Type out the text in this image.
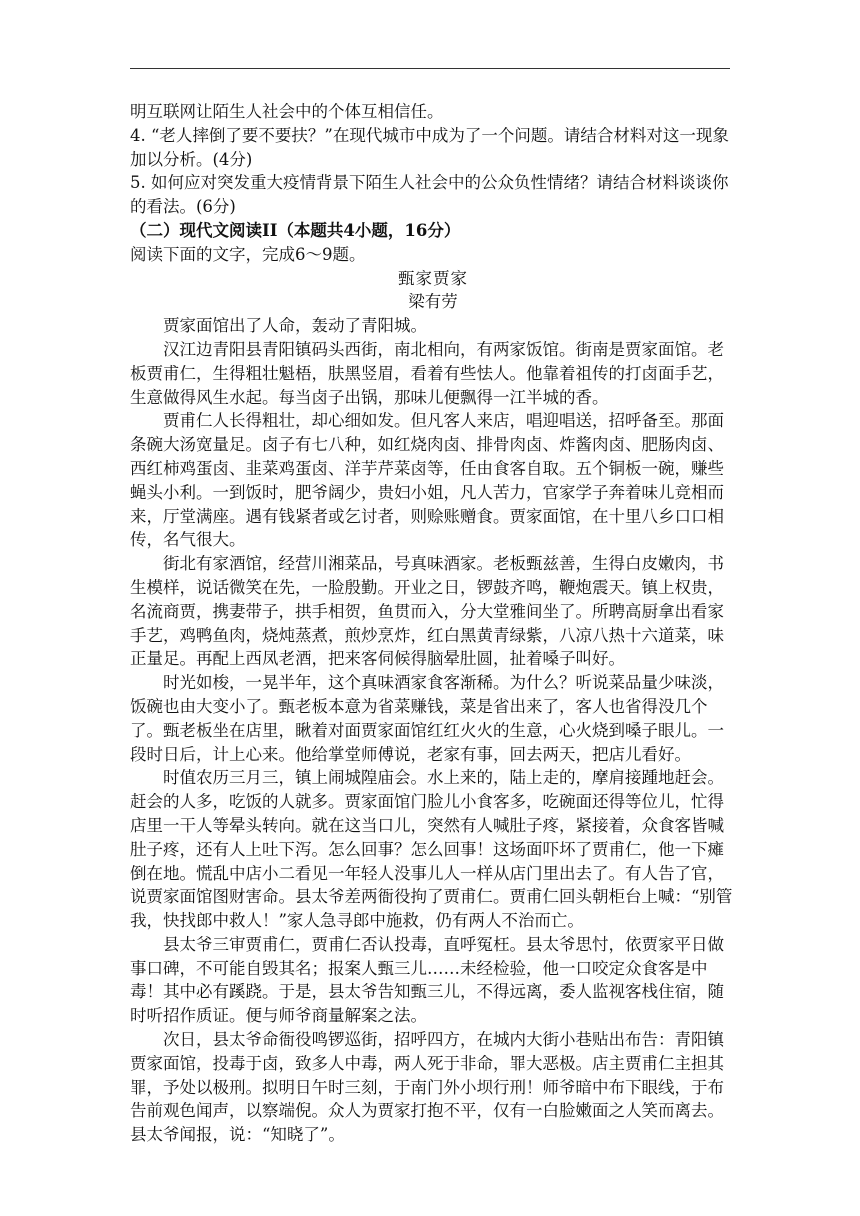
明互联网让陌生人社会中的个体互相信任。

4. “老人摔倒了要不要扶？”在现代城市中成为了一个问题。请结合材料对这一现象加以分析。(4分)

5. 如何应对突发重大疫情背景下陌生人社会中的公众负性情绪？请结合材料谈谈你的看法。(6分)

（二）现代文阅读II（本题共4小题，16分）

阅读下面的文字，完成6～9题。

甄家贾家

梁有劳

贾家面馆出了人命，轰动了青阳城。

汉江边青阳县青阳镇码头西街，南北相向，有两家饭馆。街南是贾家面馆。老板贾甫仁，生得粗壮魁梧，肤黑竖眉，看着有些怯人。他靠着祖传的打卤面手艺，生意做得风生水起。每当卤子出锅，那味儿便飘得一江半城的香。

贾甫仁人长得粗壮，却心细如发。但凡客人来店，唱迎唱送，招呼备至。那面条碗大汤宽量足。卤子有七八种，如红烧肉卤、排骨肉卤、炸酱肉卤、肥肠肉卤、西红柿鸡蛋卤、韭菜鸡蛋卤、洋芋芹菜卤等，任由食客自取。五个铜板一碗，赚些蝇头小利。一到饭时，肥爷阔少，贵妇小姐，凡人苦力，官家学子奔着味儿竞相而来，厅堂满座。遇有钱紧者或乞讨者，则赊账赠食。贾家面馆，在十里八乡口口相传，名气很大。

街北有家酒馆，经营川湘菜品，号真味酒家。老板甄兹善，生得白皮嫩肉，书生模样，说话微笑在先，一脸殷勤。开业之日，锣鼓齐鸣，鞭炮震天。镇上权贵，名流商贾，携妻带子，拱手相贺，鱼贯而入，分大堂雅间坐了。所聘高厨拿出看家手艺，鸡鸭鱼肉，烧炖蒸煮，煎炒烹炸，红白黑黄青绿紫，八凉八热十六道菜，味正量足。再配上西凤老酒，把来客伺候得脑晕肚圆，扯着嗓子叫好。

时光如梭，一晃半年，这个真味酒家食客渐稀。为什么？听说菜品量少味淡，饭碗也由大变小了。甄老板本意为省菜赚钱，菜是省出来了，客人也省得没几个了。甄老板坐在店里，瞅着对面贾家面馆红红火火的生意，心火烧到嗓子眼儿。一段时日后，计上心来。他给掌堂师傅说，老家有事，回去两天，把店儿看好。

时值农历三月三，镇上闹城隍庙会。水上来的，陆上走的，摩肩接踵地赶会。赶会的人多，吃饭的人就多。贾家面馆门脸儿小食客多，吃碗面还得等位儿，忙得店里一干人等晕头转向。就在这当口儿，突然有人喊肚子疼，紧接着，众食客皆喊肚子疼，还有人上吐下泻。怎么回事？怎么回事！这场面吓坏了贾甫仁，他一下瘫倒在地。慌乱中店小二看见一年轻人没事儿人一样从店门里出去了。有人告了官，说贾家面馆图财害命。县太爷差两衙役拘了贾甫仁。贾甫仁回头朝柜台上喊：“别管我，快找郎中救人！”家人急寻郎中施救，仍有两人不治而亡。

县太爷三审贾甫仁，贾甫仁否认投毒，直呼冤枉。县太爷思忖，依贾家平日做事口碑，不可能自毁其名；报案人甄三儿……未经检验，他一口咬定众食客是中毒！其中必有蹊跷。于是，县太爷告知甄三儿，不得远离，委人监视客栈住宿，随时听招作质证。便与师爷商量解案之法。

次日，县太爷命衙役鸣锣巡街，招呼四方，在城内大街小巷贴出布告：青阳镇贾家面馆，投毒于卤，致多人中毒，两人死于非命，罪大恶极。店主贾甫仁主担其罪，予处以极刑。拟明日午时三刻，于南门外小坝行刑！师爷暗中布下眼线，于布告前观色闻声，以察端倪。众人为贾家打抱不平，仅有一白脸嫩面之人笑而离去。县太爷闻报，说：“知晓了”。
